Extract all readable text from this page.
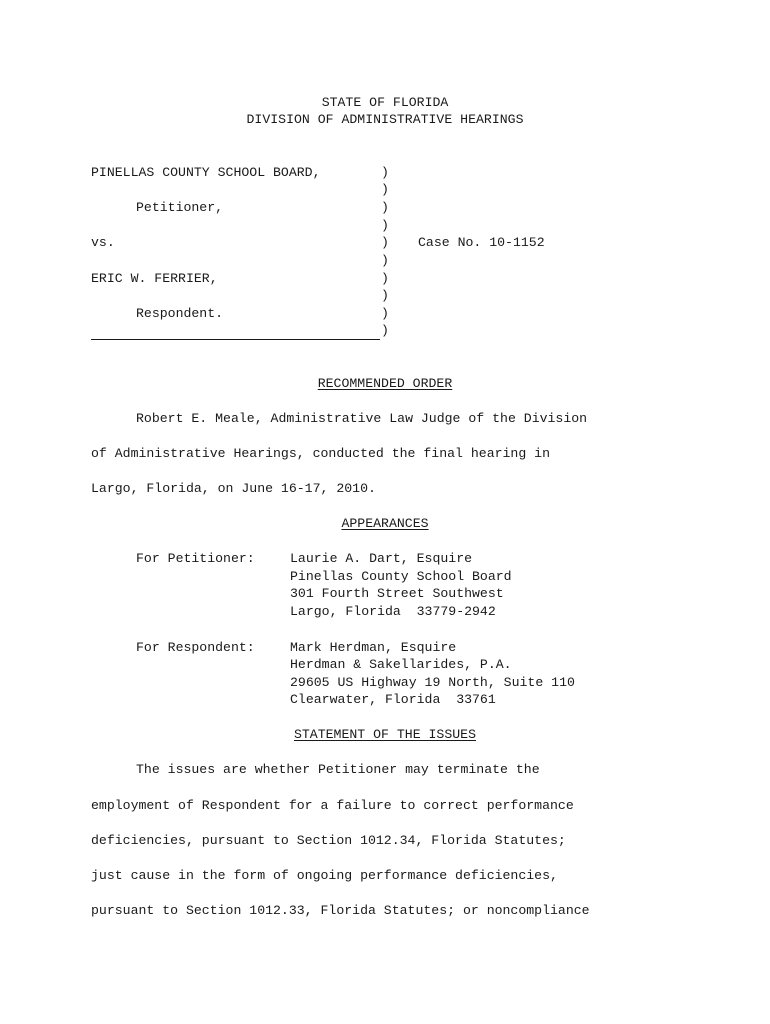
STATE OF FLORIDA
DIVISION OF ADMINISTRATIVE HEARINGS
PINELLAS COUNTY SCHOOL BOARD,
Petitioner,
vs.
ERIC W. FERRIER,
Respondent.
)
)
)
)
)
)
)
)
)
)
Case No. 10-1152
RECOMMENDED ORDER
Robert E. Meale, Administrative Law Judge of the Division
of Administrative Hearings, conducted the final hearing in
Largo, Florida, on June 16-17, 2010.
APPEARANCES
For Petitioner:	Laurie A. Dart, Esquire
Pinellas County School Board
301 Fourth Street Southwest
Largo, Florida  33779-2942
For Respondent:	Mark Herdman, Esquire
Herdman & Sakellarides, P.A.
29605 US Highway 19 North, Suite 110
Clearwater, Florida  33761
STATEMENT OF THE ISSUES
The issues are whether Petitioner may terminate the
employment of Respondent for a failure to correct performance
deficiencies, pursuant to Section 1012.34, Florida Statutes;
just cause in the form of ongoing performance deficiencies,
pursuant to Section 1012.33, Florida Statutes; or noncompliance
